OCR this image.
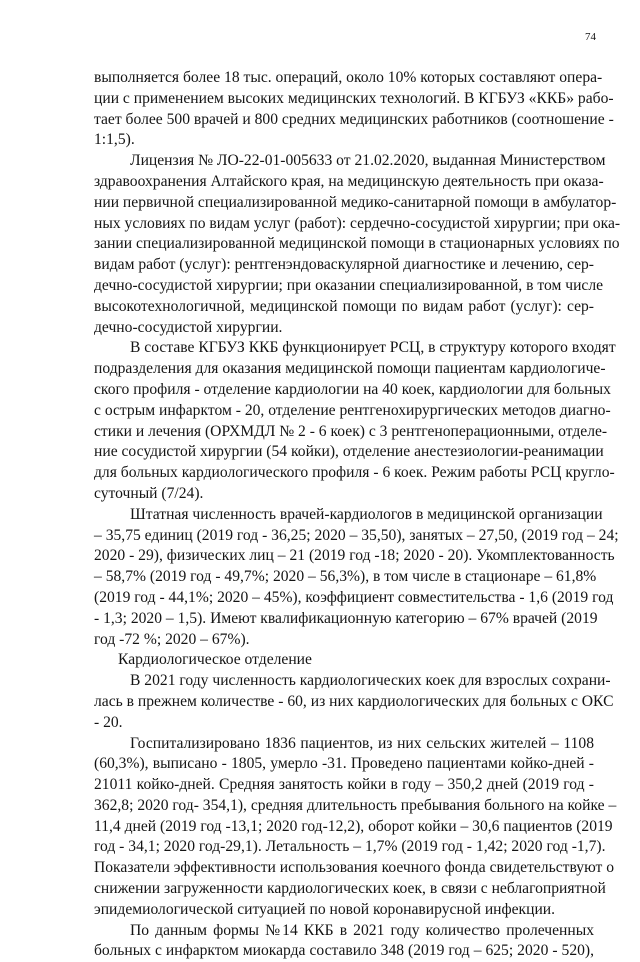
74

выполняется более 18 тыс. операций, около 10% которых составляют опера-
ции с применением высоких медицинских технологий. В КГБУЗ «ККБ» рабо-
тает более 500 врачей и 800 средних медицинских работников (соотношение -
1:1,5).

Лицензия № ЛО-22-01-005633 от 21.02.2020, выданная Министерством
здравоохранения Алтайского края, на медицинскую деятельность при оказа-
нии первичной специализированной медико-санитарной помощи в амбулатор-
ных условиях по видам услуг (работ): сердечно-сосудистой хирургии; при ока-
зании специализированной медицинской помощи в стационарных условиях по
видам работ (услуг): рентгенэндоваскулярной диагностике и лечению, сер-
дечно-сосудистой хирургии; при оказании специализированной, в том числе
высокотехнологичной, медицинской помощи по видам работ (услуг): сер-
дечно-сосудистой хирургии.

В составе КГБУЗ ККБ функционирует РСЦ, в структуру которого входят
подразделения для оказания медицинской помощи пациентам кардиологиче-
ского профиля - отделение кардиологии на 40 коек, кардиологии для больных
с острым инфарктом - 20, отделение рентгенохирургических методов диагно-
стики и лечения (ОРХМДЛ № 2 - 6 коек) с 3 рентгеноперационными, отделе-
ние сосудистой хирургии (54 койки), отделение анестезиологии-реанимации
для больных кардиологического профиля - 6 коек. Режим работы РСЦ кругло-
суточный (7/24).

Штатная численность врачей-кардиологов в медицинской организации
– 35,75 единиц (2019 год - 36,25; 2020 – 35,50), занятых – 27,50, (2019 год – 24;
2020 - 29), физических лиц – 21 (2019 год -18; 2020 - 20). Укомплектованность
– 58,7% (2019 год - 49,7%; 2020 – 56,3%), в том числе в стационаре – 61,8%
(2019 год - 44,1%; 2020 – 45%), коэффициент совместительства - 1,6 (2019 год
- 1,3; 2020 – 1,5). Имеют квалификационную категорию – 67% врачей (2019
год -72 %; 2020 – 67%).

Кардиологическое отделение

В 2021 году численность кардиологических коек для взрослых сохрани-
лась в прежнем количестве - 60, из них кардиологических для больных с ОКС
- 20.

Госпитализировано 1836 пациентов, из них сельских жителей – 1108
(60,3%), выписано - 1805, умерло -31. Проведено пациентами койко-дней -
21011 койко-дней. Средняя занятость койки в году – 350,2 дней (2019 год -
362,8; 2020 год- 354,1), средняя длительность пребывания больного на койке –
11,4 дней (2019 год -13,1; 2020 год-12,2), оборот койки – 30,6 пациентов (2019
год - 34,1; 2020 год-29,1). Летальность – 1,7% (2019 год - 1,42; 2020 год -1,7).
Показатели эффективности использования коечного фонда свидетельствуют о
снижении загруженности кардиологических коек, в связи с неблагоприятной
эпидемиологической ситуацией по новой коронавирусной инфекции.

По данным формы №14 ККБ в 2021 году количество пролеченных
больных с инфарктом миокарда составило 348 (2019 год – 625; 2020 - 520),
